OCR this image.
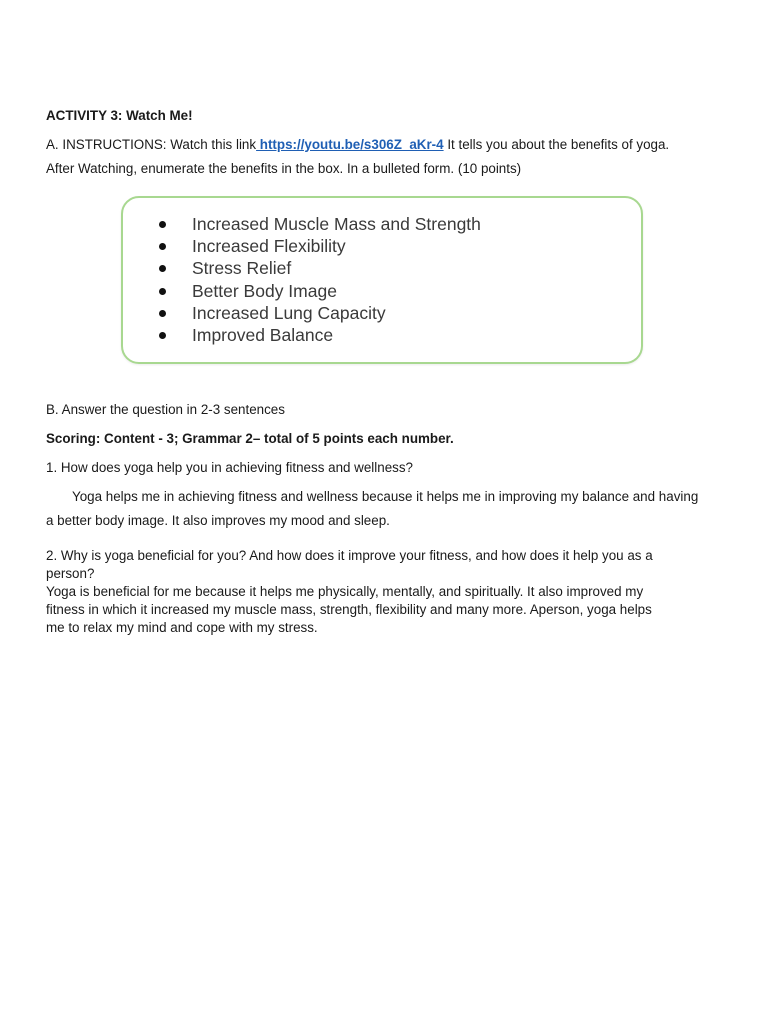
ACTIVITY 3: Watch Me!
A. INSTRUCTIONS: Watch this link https://youtu.be/s306Z_aKr-4 It tells you about the benefits of yoga.
After Watching, enumerate the benefits in the box. In a bulleted form. (10 points)
Increased Muscle Mass and Strength
Increased Flexibility
Stress Relief
Better Body Image
Increased Lung Capacity
Improved Balance
B. Answer the question in 2-3 sentences
Scoring: Content - 3; Grammar 2– total of 5 points each number.
1. How does yoga help you in achieving fitness and wellness?
Yoga helps me in achieving fitness and wellness because it helps me in improving my balance and having
a better body image. It also improves my mood and sleep.
2. Why is yoga beneficial for you? And how does it improve your fitness, and how does it help you as a
person?
Yoga is beneficial for me because it helps me physically, mentally, and spiritually. It also improved my
fitness in which it increased my muscle mass, strength, flexibility and many more. Aperson, yoga helps
me to relax my mind and cope with my stress.
